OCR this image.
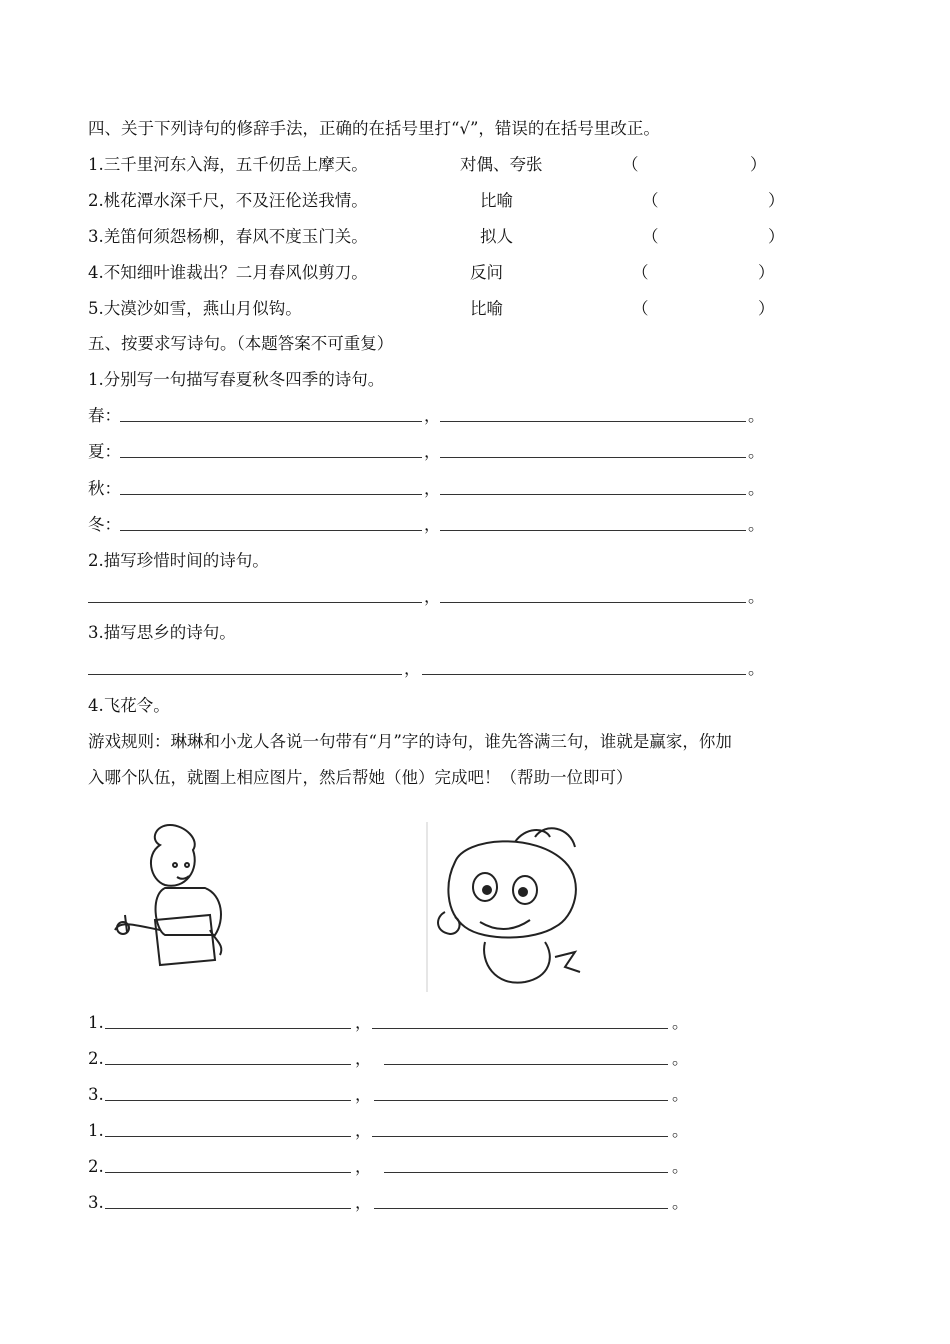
四、关于下列诗句的修辞手法，正确的在括号里打“√”，错误的在括号里改正。
1.三千里河东入海，五千仞岳上摩天。	对偶、夸张	（	）
2.桃花潭水深千尺，不及汪伦送我情。	比喻	（	）
3.羌笛何须怨杨柳，春风不度玉门关。	拟人	（	）
4.不知细叶谁裁出？二月春风似剪刀。	反问	（	）
5.大漠沙如雪，燕山月似钩。	比喻	（	）
五、按要求写诗句。（本题答案不可重复）
1.分别写一句描写春夏秋冬四季的诗句。
春：	，	。
夏：	，	。
秋：	，	。
冬：	，	。
2.描写珍惜时间的诗句。
，	。
3.描写思乡的诗句。
，	。
4.飞花令。
游戏规则：琳琳和小龙人各说一句带有“月”字的诗句，谁先答满三句，谁就是赢家，你加
入哪个队伍，就圈上相应图片，然后帮她（他）完成吧！（帮助一位即可）
1.	，	。
2.	，	。
3.	，	。
1.	，	。
2.	，	。
3.	，	。
